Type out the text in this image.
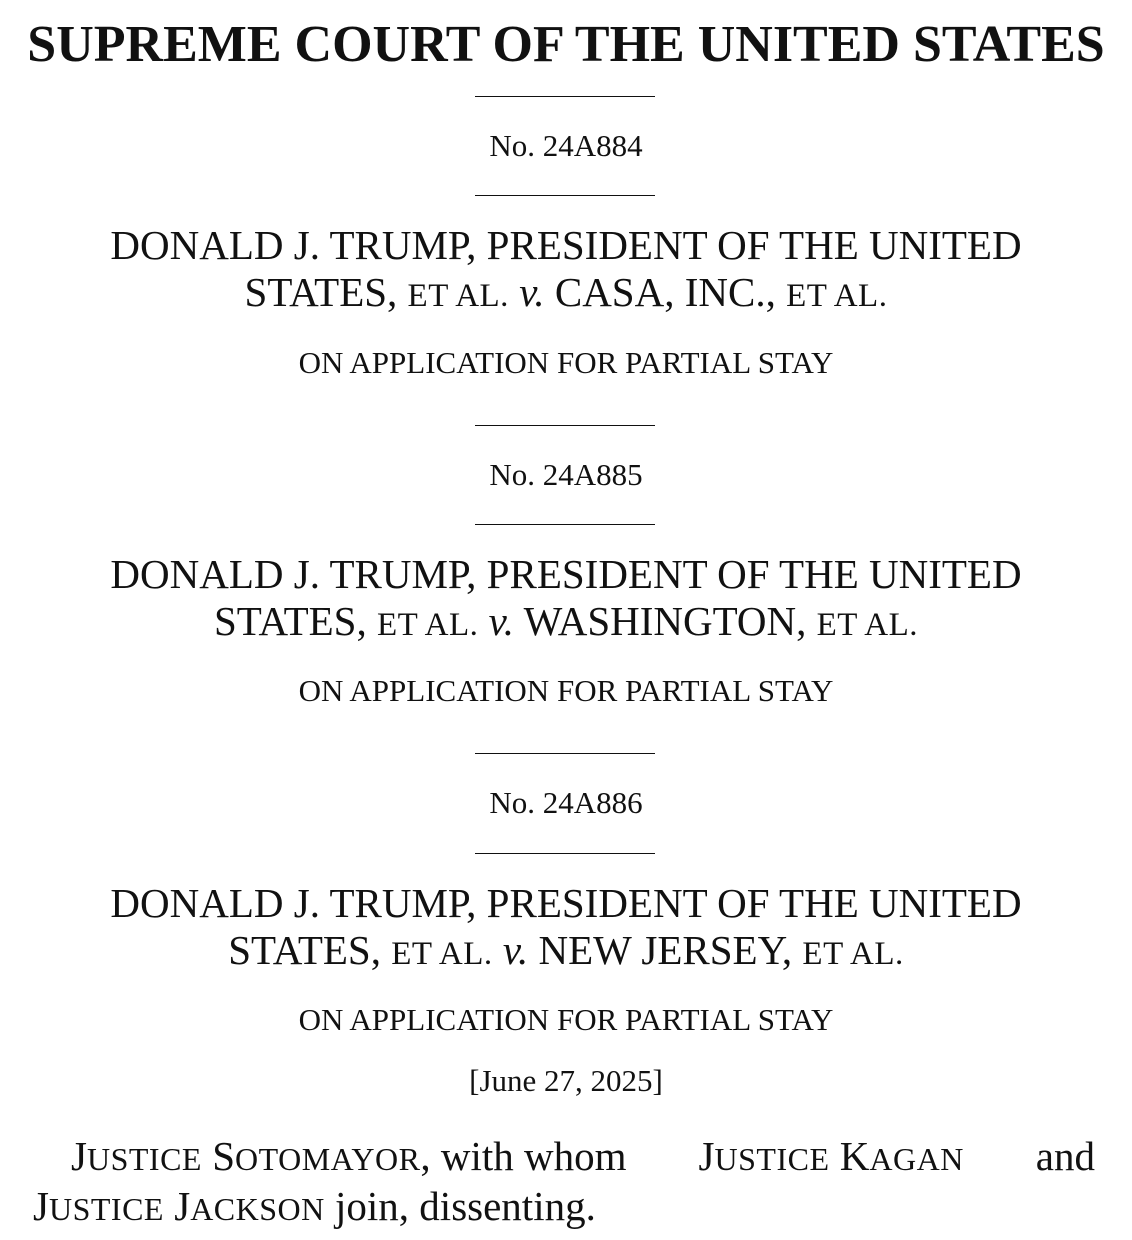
SUPREME COURT OF THE UNITED STATES
No. 24A884
DONALD J. TRUMP, PRESIDENT OF THE UNITED
STATES, ET AL. v. CASA, INC., ET AL.
ON APPLICATION FOR PARTIAL STAY
No. 24A885
DONALD J. TRUMP, PRESIDENT OF THE UNITED
STATES, ET AL. v. WASHINGTON, ET AL.
ON APPLICATION FOR PARTIAL STAY
No. 24A886
DONALD J. TRUMP, PRESIDENT OF THE UNITED
STATES, ET AL. v. NEW JERSEY, ET AL.
ON APPLICATION FOR PARTIAL STAY
[June 27, 2025]
JUSTICE SOTOMAYOR, with whom JUSTICE KAGAN and
JUSTICE JACKSON join, dissenting.
